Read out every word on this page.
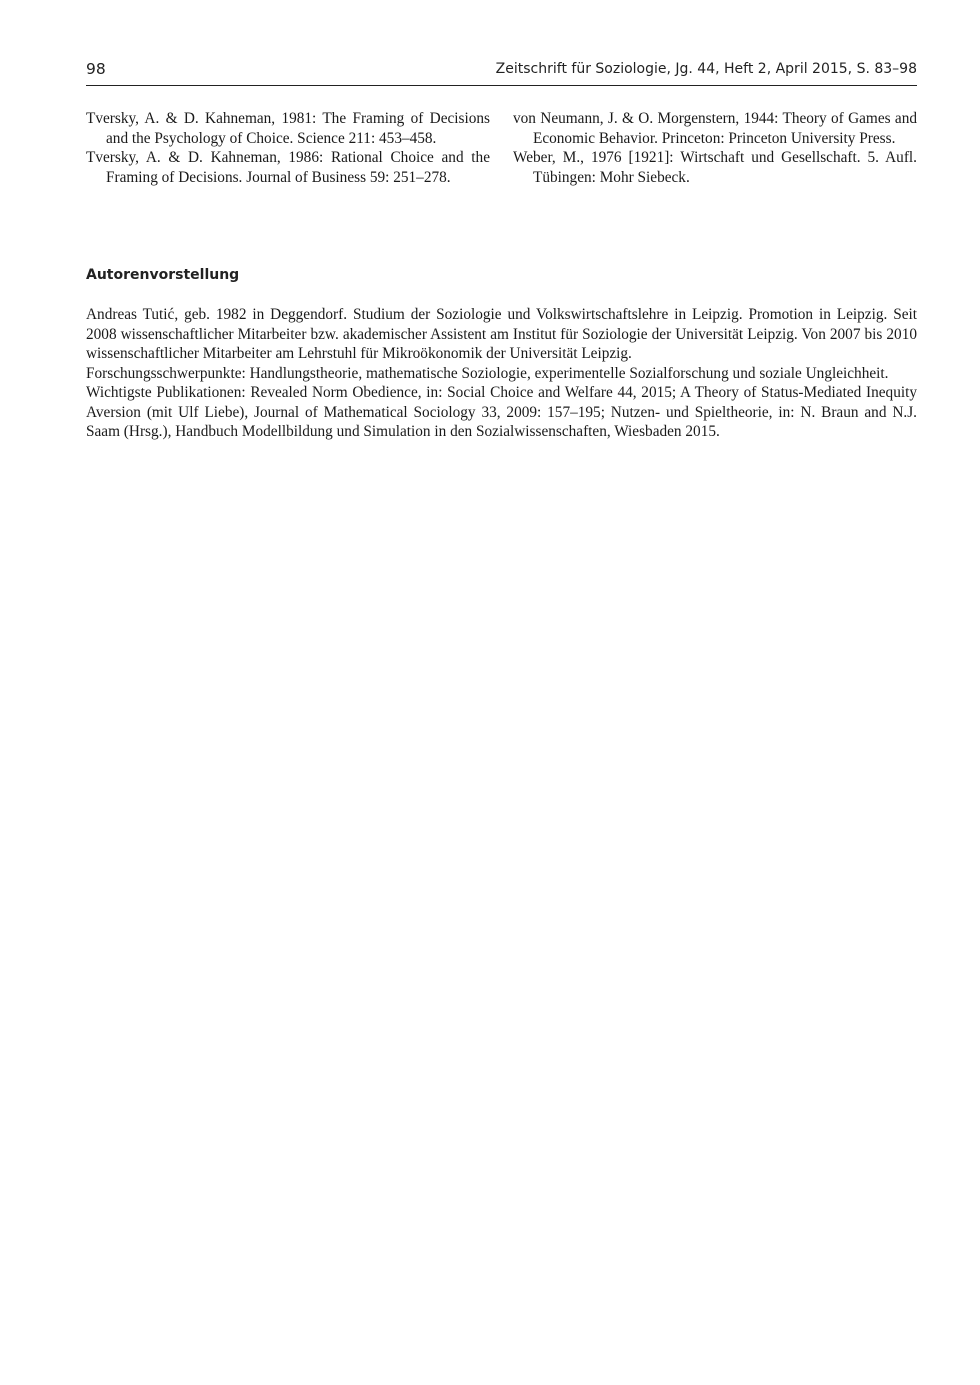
98	Zeitschrift für Soziologie, Jg. 44, Heft 2, April 2015, S. 83–98

Tversky, A. & D. Kahneman, 1981: The Framing of Decisions and the Psychology of Choice. Science 211: 453–458.

Tversky, A. & D. Kahneman, 1986: Rational Choice and the Framing of Decisions. Journal of Business 59: 251–278.

von Neumann, J. & O. Morgenstern, 1944: Theory of Games and Economic Behavior. Princeton: Princeton University Press.

Weber, M., 1976 [1921]: Wirtschaft und Gesellschaft. 5. Aufl. Tübingen: Mohr Siebeck.

Autorenvorstellung

Andreas Tutić, geb. 1982 in Deggendorf. Studium der Soziologie und Volkswirtschaftslehre in Leipzig. Promotion in Leipzig. Seit 2008 wissenschaftlicher Mitarbeiter bzw. akademischer Assistent am Institut für Soziologie der Universität Leipzig. Von 2007 bis 2010 wissenschaftlicher Mitarbeiter am Lehrstuhl für Mikroökonomik der Universität Leipzig.

Forschungsschwerpunkte: Handlungstheorie, mathematische Soziologie, experimentelle Sozialforschung und soziale Ungleichheit.

Wichtigste Publikationen: Revealed Norm Obedience, in: Social Choice and Welfare 44, 2015; A Theory of Status-Mediated Inequity Aversion (mit Ulf Liebe), Journal of Mathematical Sociology 33, 2009: 157–195; Nutzen- und Spieltheorie, in: N. Braun and N.J. Saam (Hrsg.), Handbuch Modellbildung und Simulation in den Sozialwissenschaften, Wiesbaden 2015.
